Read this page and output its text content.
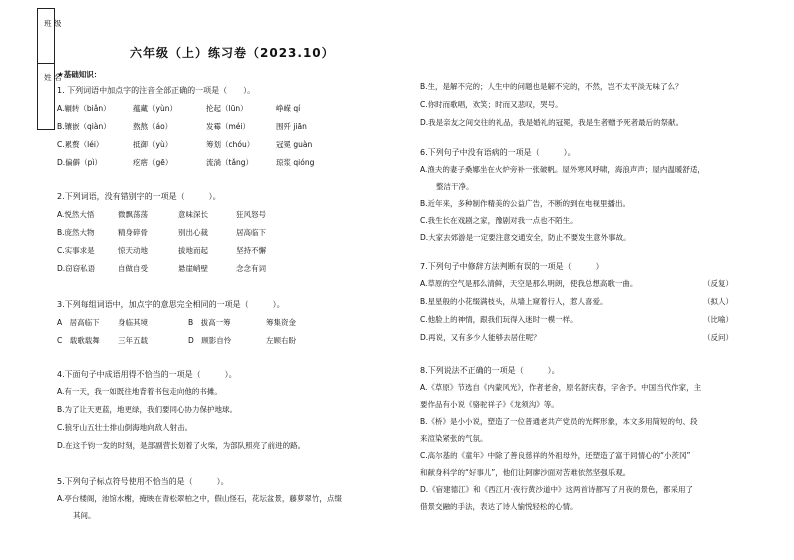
班 级
姓 名
六年级（上）练习卷（2023.10）
★基础知识：
1. 下列词语中加点字的注音全部正确的一项是（　　）。
A.辗转（biǎn）	蕴藏（yùn）	抡起（lūn）	峥嵘 qí
B.镶嵌（qiàn）	熬熬（áo）	发霉（méi）	围歼 jiān
C.累赘（léi）	抵御（yù）	筹划（chóu）	冠冕 guàn
D.偏僻（pì）	疙瘩（gē）	流淌（tǎng）	琼浆 qióng
2.下列词语，没有错别字的一项是（　　　）。
A.悦然大悟	微飘荡荡	意味深长	狂风怒号
B.庞然大物	精身碎骨	别出心裁	居高临下
C.实事求是	惊天动地	拔地而起	坚持不懈
D.窃窃私语	自做自受	悬崖峭壁	念念有词
3.下列每组词语中，加点字的意思完全相同的一项是（　　　）。
A　居高临下 身临其境	B　拔高一筹	筹集资金
C　载歌载舞 三年五载	D　顾影自怜	左顾右盼
4.下面句子中成语用得不恰当的一项是（　　　）。
A.有一天，我一如既往地背着书包走向他的书摊。
B.为了让天更蓝，地更绿，我们要同心协力保护地球。
C.狼牙山五壮士排山倒海地向敌人射击。
D.在这千钧一发的时刻，是部副营长划着了火柴，为部队照亮了前进的路。
5.下列句子标点符号使用不恰当的是（　　　）。
A.亭台楼阁，池馆水榭，掩映在青松翠柏之中，假山怪石，花坛盆景，藤萝翠竹，点缀
其间。
B.生，是解不完的；人生中的问题也是解不完的，不然，岂不太平淡无味了么？
C.你时而歌唱，欢笑；时而又悲叹，哭号。
D.我是亲友之间交往的礼品，我是婚礼的冠冕，我是生者赠予死者最后的祭献。
6.下列句子中没有语病的一项是（　　　）。
A.渔夫的妻子桑娜坐在火炉旁补一张破帆。屋外寒风呼啸，海浪声声；屋内温暖舒适，
整洁干净。
B.近年来，多种制作精美的公益广告，不断的到在电视里播出。
C.我生长在戏剧之家，豫剧对我一点也不陌生。
D.大家去郊游是一定要注意交通安全，防止不要发生意外事故。
7.下列句子中修辞方法判断有误的一项是（　　　）
A.草原的空气是那么清鲜，天空是那么明朗，使我总想高歌一曲。	（反复）
B.星星般的小花缀满枝头，从墙上窥着行人，惹人喜爱。	（拟人）
C.他脸上的神情，跟我们玩得入迷时一模一样。	（比喻）
D.再说，又有多少人能够去居住呢？	（反问）
8.下列说法不正确的一项是（　　　）。
A.《草原》节选自《内蒙风光》，作者老舍，原名舒庆春，字舍予。中国当代作家，主
要作品有小说《骆驼祥子》《龙须沟》等。
B.《桥》是小小说，塑造了一位普通老共产党员的光辉形象，本文多用简短的句、段
来渲染紧张的气氛。
C.高尔基的《童年》中除了善良慈祥的外祖母外，还塑造了富于同情心的“小茨冈”
和献身科学的“好事儿”，他们让阿廖沙面对苦难依然坚强乐观。
D.《宿建德江》和《西江月·夜行黄沙道中》这两首诗都写了月夜的景色，都采用了
借景交融的手法，表达了诗人愉悦轻松的心情。
